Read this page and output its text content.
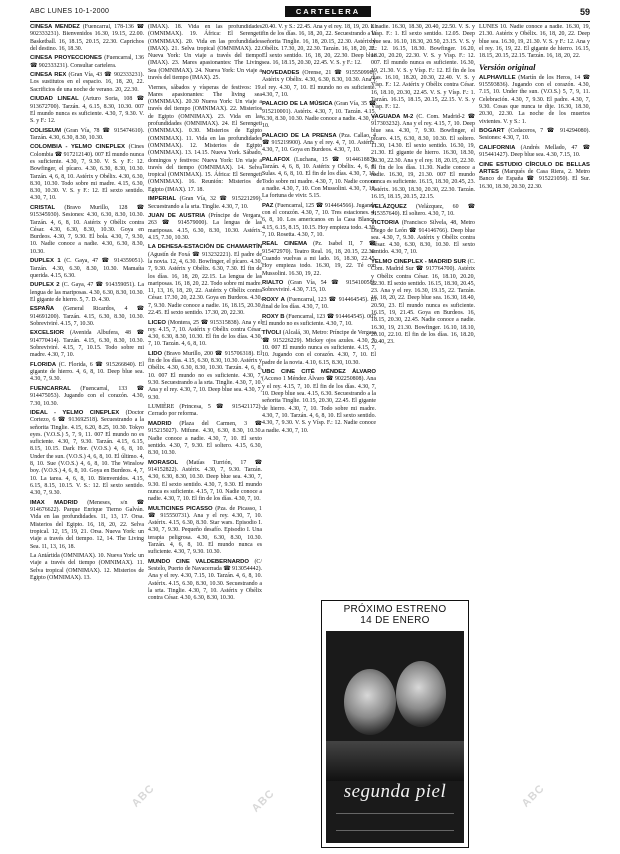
ABC LUNES 10-1-2000	CARTELERA	59

CINESA MÉNDEZ (Fuencarral, 178-136 ☎ 902333231). Bienvenidos 16.30, 19.15, 22.00. Basketball. 16, 18.15, 20.15, 22.30. Caprichos del destino. 16, 18.30.

CINESA PROYECCIONES (Fuencarral, 136 ☎ 902333231). Consultar cartelera.

CINESA REX (Gran Vía, 43 ☎ 902333231). Los sustitutos en el espacio. 16, 18, 20, 22. Sacrificios de una noche de verano. 20, 22.30.

CIUDAD LINEAL (Arturo Soria, 108 ☎ 913672700). Tarzán. 4, 6.15, 8.30, 10.30. 007 El mundo nunca es suficiente. 4.30, 7, 9.30. V. S. y F.: 12.

COLISEUM (Gran Vía, 78 ☎ 915474610). Tarzán. 4.30, 6.30, 8.30, 10.30.

COLOMBIA - YELMO CINEPLEX (Cines Colombia ☎ 917212140). 007 El mundo nunca es suficiente. 4.30, 7, 9.30. V. S. y F.: 12. Bowfinger, el pícaro. 4.30, 6.30, 8.30, 10.30. Tarzán. 4, 6, 8, 10. Astérix y Obélix. 4.30, 6.30, 8.30, 10.30. Todo sobre mi madre. 4.15, 6.30, 8.30, 10.30. V. S. y F.: 12. El sexto sentido. 4.30, 7, 10.

CRISTAL (Bravo Murillo, 128 ☎ 915345930). Sesiones: 4.30, 6.30, 8.30, 10.30. Tarzán. 4, 6, 8, 10. Astérix y Obélix contra César. 4.30, 6.30, 8.30, 10.30. Goya en Burdeos. 4.30, 7, 9.30. El bola. 4.30, 7, 9.30, 10. Nadie conoce a nadie. 4.30, 6.30, 8.30, 10.30.

DUPLEX 1 (C. Gaya, 47 ☎ 914359051). Tarzán. 4.30, 6.30, 8.30, 10.30. Mamaíta querida. 4.15, 6.30.

DUPLEX 2 (C. Gaya, 47 ☎ 914359051). La lengua de las mariposas. 4.30, 6.30, 8.30, 10.30. El gigante de hierro. 5, 7. D. 4.30.

ESPAÑA (General Ricardos, 4 ☎ 914691200). Tarzán. 4.15, 6.30, 8.30, 10.30. Sobreviviré. 4.15, 7, 10.30.

EXCELSIOR (Avenida Albufera, 48 ☎ 914770414). Tarzán. 4.15, 6.30, 8.30, 10.30. Sobreviviré. 4.15, 7, 10.15. Todo sobre mi madre. 4.30, 7, 10.

FLORIDA (C. Florida, 6 ☎ 915266840). El gigante de hierro. 4, 6, 8, 10. Deep blue sea. 4.30, 7, 9.30.

FUENCARRAL (Fuencarral, 133 ☎ 914475053). Jugando con el corazón. 4.30, 7.30, 10.30.

IDEAL - YELMO CINEPLEX (Doctor Cortezo, 6 ☎ 913692518). Secuestrando a la señorita Tinglie. 4.15, 6.20, 8.25, 10.30. Tokyo eyes. (V.O.S.) 5, 7, 9, 11. 007 El mundo no es suficiente. 4.30, 7, 9.30. Tarzán. 4.15, 6.15, 8.15, 10.15. Dark Hor. (V.O.S.) 4, 6, 8, 10. Under the sun. (V.O.S.) 4, 6, 8, 10. El último. 4, 8, 10. Sue (V.O.S.) 4, 6, 8, 10. The Winslow boy. (V.O.S.) 4, 6, 8, 10. Goya en Burdeos. 4, 7, 10. La tarea. 4, 6, 8, 10. Bienvenidos. 4.15, 6.15, 8.15, 10.15. V. S.: 12. El sexto sentido. 4.30, 7, 9.30.

IMAX MADRID (Meneses, s/n ☎ 914676622). Parque Enrique Tierno Galván. Vida en las profundidades. 11, 13, 17. Orsa. Misterios del Egipto. 16, 18, 20, 22. Selva tropical. 12, 15, 19, 21. Orsa. Nueva York: un viaje a través del tiempo. 12, 14. The Living Sea. 11, 13, 16, 18.

La Antártida (OMNIMAX). 10. Nueva York: un viaje a través del tiempo (OMNIMAX). 11. Selva tropical (OMNIMAX). 12. Misterios de Egipto (OMNIMAX). 13.

(IMAX). 18. Vida en las profundidades (OMNIMAX). 19. África: El Serengeti (OMNIMAX). 20. Vida en las profundidades (IMAX). 21. Selva tropical (OMNIMAX). 22. Nueva York: Un viaje a través del tiempo (IMAX). 23. Mares apasionantes: The Living Sea (OMNIMAX). 24. Nueva York: Un viaje a través del tiempo (IMAX). 25.

Viernes, sábados y vísperas de festivos: 19. Mares apasionantes: The living sea (OMNIMAX). 20.30 Nueva York: Un viaje a través del tiempo (OMNIMAX). 22. Misterios de Egipto (OMNIMAX). 23. Vida en las profundidades (OMNIMAX). 24. El Serengeti (OMNIMAX). 0.30. Misterios de Egipto (OMNIMAX). 11. Vida en las profundidades (OMNIMAX). 12. Misterios de Egipto (OMNIMAX). 13. 14.15. Nueva York. Sábado, domingos y festivos: Nueva York: Un viaje a través del tiempo (OMNIMAX). 14. Selva tropical (OMNIMAX). 15. África: El Serengeti (OMNIMAX). 16. Reunión: Misterios de Egipto (IMAX). 17. 18.

IMPERIAL (Gran Vía, 32 ☎ 915221299). Secuestrando a la srta. Tinglie. 4.30, 7, 10.

JUAN DE AUSTRIA (Príncipe de Vergara, 263 ☎ 914579000). La lengua de las mariposas. 4.15, 6.30, 8.30, 10.30. Astérix. 4.15, 7.30, 10.30.

LA DEHESA-ESTACIÓN DE CHAMARTÍN (Agustín de Foxá ☎ 913232221). El padre de la novia. 12, 4, 6.30. Bowfinger, el pícaro. 4.30, 7, 9.30. Astérix y Obélix. 6.30, 7.30. El fin de los días. 16, 18, 20, 22.15. La lengua de las mariposas. 16, 18, 20, 22. Todo sobre mi madre. 11, 13, 16, 18, 20, 22. Astérix y Obélix contra César. 17.30, 20, 22.30. Goya en Burdeos. 4.30, 7, 9.30. Nadie conoce a nadie. 16, 18.15, 20.30, 22.45. El sexto sentido. 17.30, 20, 22.30.

LICEO (Montera, 25 ☎ 915315838). Ana y el rey. 4.15, 7, 10. Astérix y Obélix contra César. 4.30, 6.30, 8.30, 10.30. El fin de los días. 4.30, 7, 10. Tarzán. 4, 6, 8, 10.

LIDO (Bravo Murillo, 200 ☎ 915706318). El fin de los días. 4.15, 6.30, 8.30, 10.30. Astérix y Obélix. 4.30, 6.30, 8.30, 10.30. Tarzán. 4, 6, 8, 10. 007 El mundo no es suficiente. 4.30, 7, 9.30. Secuestrando a la srta. Tinglie. 4.30, 7, 10. Ana y el rey. 4.30, 7, 10. Deep blue sea. 4.30, 7, 9.30.

LUMIÈRE (Princesa, 5 ☎ 915421172). Cerrado por reforma.

MADRID (Plaza del Carmen, 3 ☎ 915215027). Mifune. 4.30, 6.30, 8.30, 10.30. Nadie conoce a nadie. 4.30, 7, 10. El sexto sentido. 4.30, 7, 9.30. El soltero. 4.15, 6.30, 8.30, 10.30.

MORASOL (Matías Turrión, 17 ☎ 914152822). Astérix. 4.30, 7, 9.30. Tarzán. 4.30, 6.30, 8.30, 10.30. Deep blue sea. 4.30, 7, 9.30. El sexto sentido. 4.30, 7, 9.30. El mundo nunca es suficiente. 4.15, 7, 10. Nadie conoce a nadie. 4.30, 7, 10. El fin de los días. 4.30, 7, 10.

MULTICINES PICASSO (Pza. de Picasso, 1 ☎ 915550731). Ana y el rey. 4.30, 7, 10. Astérix. 4.15, 6.30, 8.30. Star wars. Episodio I. 4.30, 7, 9.30. Pequeño desafío. Episodio I. Una terapia peligrosa. 4.30, 6.30, 8.30, 10.30. Tarzán. 4, 6, 8, 10. El mundo nunca es suficiente. 4.30, 7, 9.30. 10.30.

MUNDO CINE VALDEBERNARDO (C/ Sestelo, Puerto de Navacerrada ☎ 913054442). Ana y el rey. 4.30, 7.15, 10. Tarzán. 4, 6, 8, 10. Astérix. 4.15, 6.30, 8.30, 10.30. Secuestrando a la srta. Tinglie. 4.30, 7, 10. Astérix y Obélix contra César. 4.30, 6.30, 8.30, 10.30.

20.40. V. y S.: 22.45. Ana y el rey. 18, 19, 20. El fin de los días. 16, 18, 20, 22. Secuestrando a la señorita Tinglie. 16, 18, 20.15, 22.30. Astérix y Obélix. 17.30, 20, 22.30. Tarzán. 16, 18, 20, 22. El sexto sentido. 16, 18, 20, 22.30. Deep blue sea. 16, 18.15, 20.30, 22.45. V. S. y F.: 12.

NOVEDADES (Orense, 21 ☎ 915550998). Astérix y Obélix. 4.30, 6.30, 8.30, 10.30. Ana y el rey. 4.30, 7, 10. El mundo no es suficiente. 4.30, 7, 10.

PALACIO DE LA MÚSICA (Gran Vía, 35 ☎ 915210001). Astérix. 4.30, 7, 10. Tarzán. 4.15, 6.30, 8.30, 10.30. Nadie conoce a nadie. 4.30, 7, 10.

PALACIO DE LA PRENSA (Pza. Callao, 4 ☎ 915219900). Ana y el rey. 4, 7, 10. Astérix. 4.30, 7, 10. Goya en Burdeos. 4.30, 7, 10.

PALAFOX (Luchana, 15 ☎ 914461887). Tarzán. 4, 6, 8, 10. Astérix y Obélix. 4, 6, 8. Sulas. 4, 6, 8, 10. El fin de los días. 4.30, 7, 10. Todo sobre mi madre. 4.30, 7, 10. Nadie conoce a nadie. 4.30, 7, 10. Con Mussolini. 4.30, 7, 10. La fortuna de vivir. 5.15.

PAZ (Fuencarral, 125 ☎ 914464566). Jugando con el corazón. 4.30, 7, 10. Tres estaciones. 4, 6, 8, 10. Los americanos en la Casa Blanca. 4.15, 6.15, 8.15, 10.15. Hoy empieza todo. 4.30, 7, 10. Rosetta. 4.30, 7, 10.

REAL CINEMA (Pz. Isabel II, 7 ☎ 915472970). Teatro Real. 16, 18, 20.15, 22.30. Cuando vuelvas a mi lado. 16, 18.30, 22.45. Hoy empieza todo. 16.30, 19, 22. Té con Mussolini. 16.30, 19, 22.

RIALTO (Gran Vía, 54 ☎ 915410058). Sobreviviré. 4.30, 7.15, 10.

ROXY A (Fuencarral, 123 ☎ 914464545). El final de los días. 4.30, 7, 10.

ROXY B (Fuencarral, 123 ☎ 914464545). 007 El mundo no es suficiente. 4.30, 7, 10.

TÍVOLI (Alcalá, 30, Metro: Príncipe de Vergara ☎ 915226229). Mickey ojos azules. 4.30, 7, 10. 007 El mundo nunca es suficiente. 4.15, 7, 10. Jugando con el corazón. 4.30, 7, 10. El padre de la novia. 4.10, 6.15, 8.30, 10.30.

UBC CINE CITÉ MÉNDEZ ÁLVARO (Acceso 1 Méndez Álvaro ☎ 902250808). Ana y el rey. 4.15, 7, 10. El fin de los días. 4.30, 7, 10. Deep blue sea. 4.15, 6.30. Secuestrando a la señorita Tinglie. 10.15, 20.30, 22.45. El gigante de hierro. 4.30, 7, 10. Todo sobre mi madre. 4.30, 7, 10. Tarzán. 4, 6, 8, 10. El sexto sentido. 4.30, 7, 9.30. V. S. y Vísp. F.: 12. Nadie conoce a nadie. 4.30, 7, 10.

a nadie. 16.30, 18.30, 20.40, 22.50. V. S. y Vísp. F.: 1. El sexto sentido. 12.05. Deep blue sea. 16.10, 18.30, 20.50, 23.15. V. S. y F.: 12. 16.15, 18.30. Bowfinger. 16.20, 18.20, 20.20, 22.30. V. S. y Vísp. F.: 12. 007. El mundo nunca es suficiente. 16.30, 19, 21.30. V. S. y Vísp. F.: 12. El fin de los días. 16.10, 18.20, 20.30, 22.40. V. S. y Vísp. F.: 12. Astérix y Obélix contra César. 16, 18.10, 20.30, 22.45. V. S. y Vísp. F.: 1. Tarzán. 16.15, 18.15, 20.15, 22.15. V. S. y Vísp. F.: 12.

VAGUADA M-2 (C. Com. Madrid-2 ☎ 917303232). Ana y el rey. 4.15, 7, 10. Deep blue sea. 4.30, 7, 9.30. Bowfinger, el pícaro. 4.15, 6.30, 8.30, 10.30. El soltero. 11.30, 14.30. El sexto sentido. 16.30, 19, 21.30. El gigante de hierro. 16.30, 18.30, 20.30, 22.30. Ana y el rey. 18, 20.15, 22.30. El fin de los días. 11.30. Nadie conoce a nadie. 16.30, 19, 21.30. 007 El mundo nunca es suficiente. 16.15, 18.30, 20.45, 23. Astérix. 16.30, 18.30, 20.30, 22.30. Tarzán. 16.15, 18.15, 20.15, 22.15.

VELÁZQUEZ (Velázquez, 60 ☎ 915357640). El soltero. 4.30, 7, 10.

VICTORIA (Francisco Silvela, 48, Metro Diego de León ☎ 914146766). Deep blue sea. 4.30, 7, 9.30. Astérix y Obélix contra César. 4.30, 6.30, 8.30, 10.30. El sexto sentido. 4.30, 7, 10.

YELMO CINEPLEX - MADRID SUR (C. Com. Madrid Sur ☎ 917764700). Astérix y Obélix contra César. 16, 18.10, 20.20, 22.30. El sexto sentido. 16.15, 18.30, 20.45, 23. Ana y el rey. 16.30, 19.15, 22. Tarzán. 16, 18, 20, 22. Deep blue sea. 16.30, 18.40, 20.50, 23. El mundo nunca es suficiente. 16.15, 19, 21.45. Goya en Burdeos. 16, 18.15, 20.30, 22.45. Nadie conoce a nadie. 16.30, 19, 21.30. Bowfinger. 16.10, 18.10, 20.10, 22.10. El fin de los días. 16, 18.20, 20.40, 23.

LUNES 10. Nadie conoce a nadie. 16.30, 19, 21.30. Astérix y Obélix. 16, 18, 20, 22. Deep blue sea. 16.30, 19, 21.30. V. S. y F.: 12. Ana y el rey. 16, 19, 22. El gigante de hierro. 16.15, 18.15, 20.15, 22.15. Tarzán. 16, 18, 20, 22.

Versión original

ALPHAVILLE (Martín de los Heros, 14 ☎ 915593836). Jugando con el corazón. 4.30, 7.15, 10. Under the sun. (V.O.S.) 5, 7, 9, 11. Celebración. 4.30, 7, 9.30. El padre. 4.30, 7, 9.30. Cosas que nunca te dije. 16.30, 18.30, 20.30, 22.30. La noche de los muertos vivientes. V. y S.: 1.

BOGART (Cedaceros, 7 ☎ 914294080). Sesiones: 4.30, 7, 10.

CALIFORNIA (Andrés Mellado, 47 ☎ 915441427). Deep blue sea. 4.30, 7.15, 10.

CINE ESTUDIO CÍRCULO DE BELLAS ARTES (Marqués de Casa Riera, 2. Metro Banco de España ☎ 915221050). El Sur. 16.30, 18.30, 20.30, 22.30.

PRÓXIMO ESTRENO
14 DE ENERO
segunda piel
ABC	ABC	ABC
